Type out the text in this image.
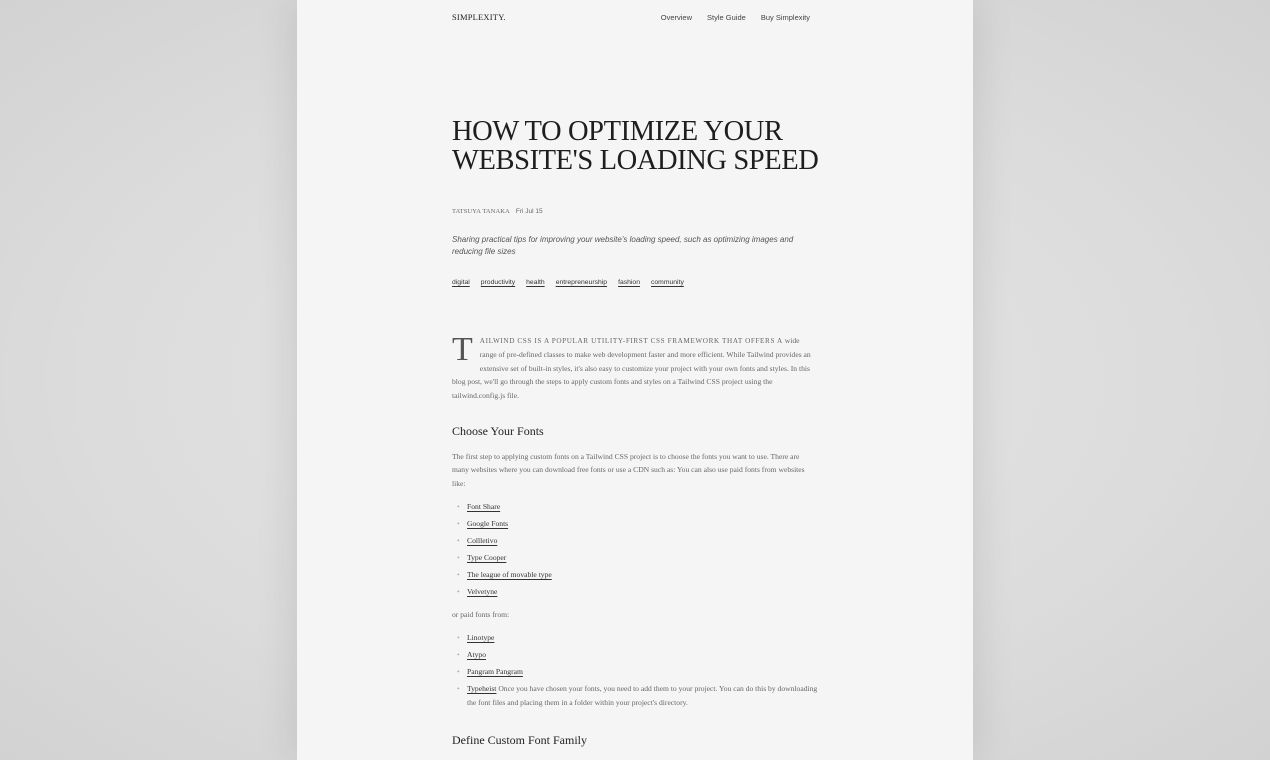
SIMPLEXITY.	Overview Style Guide Buy Simplexity
HOW TO OPTIMIZE YOUR WEBSITE'S LOADING SPEED
TATSUYA TANAKA Fri Jul 15

Sharing practical tips for improving your website's loading speed, such as optimizing images and reducing file sizes

digital productivity health entrepreneurship fashion community

TAILWIND CSS IS A POPULAR UTILITY-FIRST CSS FRAMEWORK THAT OFFERS A wide range of pre-defined classes to make web development faster and more efficient. While Tailwind provides an extensive set of built-in styles, it's also easy to customize your project with your own fonts and styles. In this blog post, we'll go through the steps to apply custom fonts and styles on a Tailwind CSS project using the tailwind.config.js file.

Choose Your Fonts

The first step to applying custom fonts on a Tailwind CSS project is to choose the fonts you want to use. There are many websites where you can download free fonts or use a CDN such as: You can also use paid fonts from websites like:

• Font Share
• Google Fonts
• Collletivo
• Type Cooper
• The league of movable type
• Velvetyne

or paid fonts from:

• Linotype
• Atypo
• Pangram Pangram
• Typeheist Once you have chosen your fonts, you need to add them to your project. You can do this by downloading the font files and placing them in a folder within your project's directory.
Define Custom Font Family
